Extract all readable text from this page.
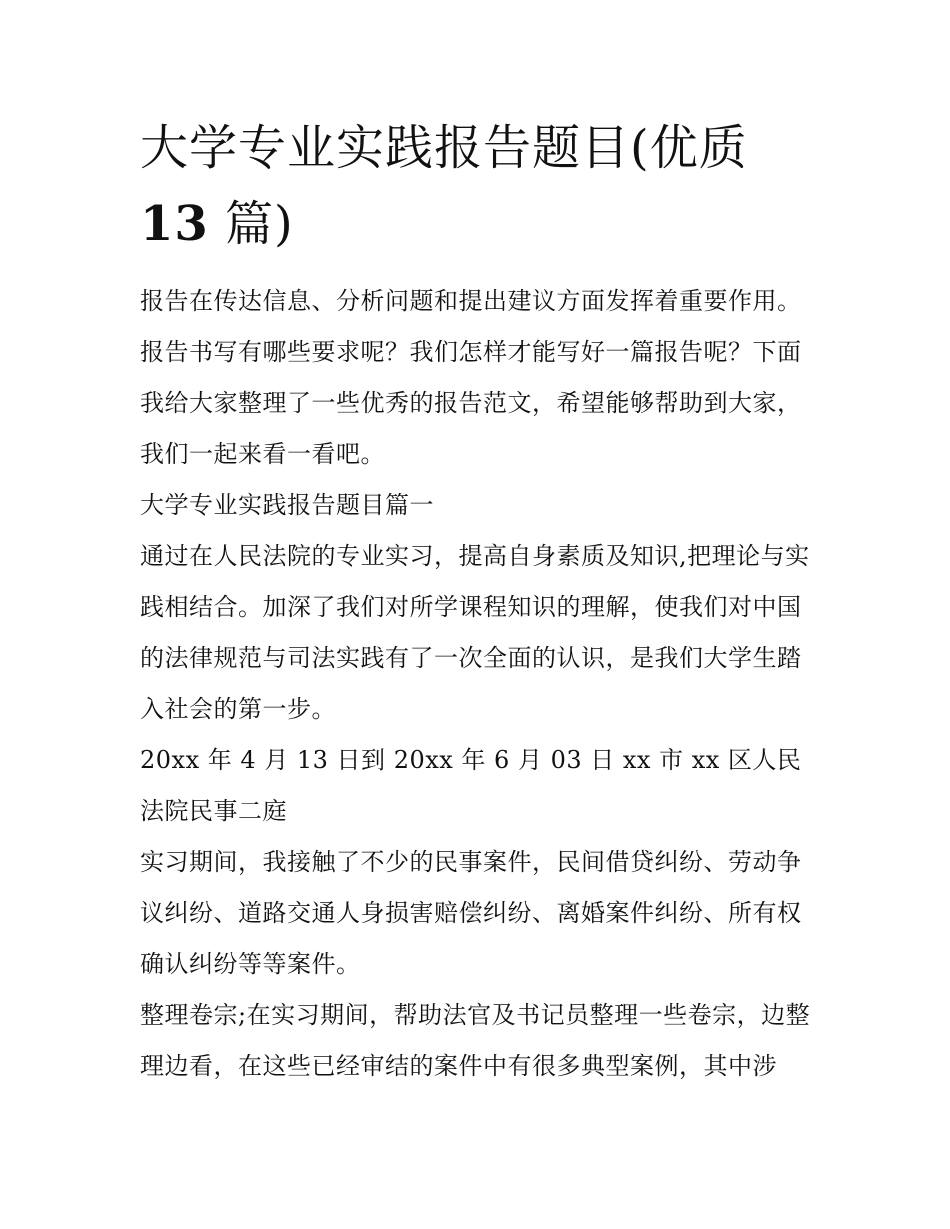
大学专业实践报告题目(优质
13 篇)

报告在传达信息、分析问题和提出建议方面发挥着重要作用。报告书写有哪些要求呢？我们怎样才能写好一篇报告呢？下面我给大家整理了一些优秀的报告范文，希望能够帮助到大家，我们一起来看一看吧。

大学专业实践报告题目篇一

通过在人民法院的专业实习，提高自身素质及知识,把理论与实践相结合。加深了我们对所学课程知识的理解，使我们对中国的法律规范与司法实践有了一次全面的认识，是我们大学生踏入社会的第一步。

20xx 年 4 月 13 日到 20xx 年 6 月 03 日 xx 市 xx 区人民法院民事二庭

实习期间，我接触了不少的民事案件，民间借贷纠纷、劳动争议纠纷、道路交通人身损害赔偿纠纷、离婚案件纠纷、所有权确认纠纷等等案件。

整理卷宗;在实习期间，帮助法官及书记员整理一些卷宗，边整理边看，在这些已经审结的案件中有很多典型案例，其中涉
